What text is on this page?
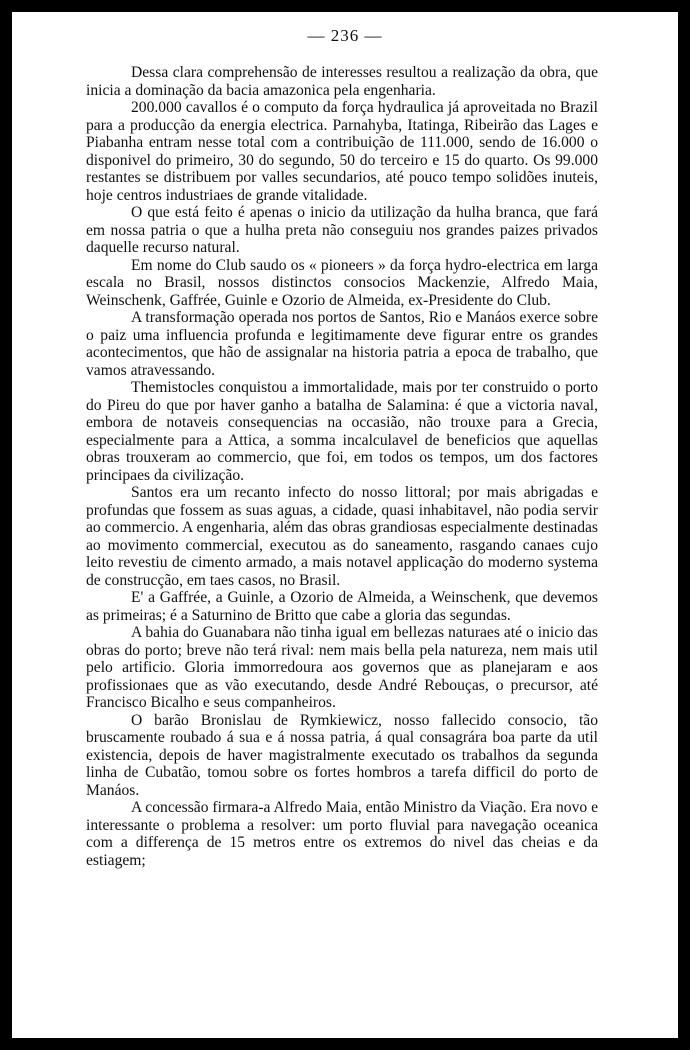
— 236 —

Dessa clara comprehensão de interesses resultou a realização da obra, que inicia a dominação da bacia amazonica pela engenharia.

200.000 cavallos é o computo da força hydraulica já aproveitada no Brazil para a producção da energia electrica. Parnahyba, Itatinga, Ribeirão das Lages e Piabanha entram nesse total com a contribuição de 111.000, sendo de 16.000 o disponivel do primeiro, 30 do segundo, 50 do terceiro e 15 do quarto. Os 99.000 restantes se distribuem por valles secundarios, até pouco tempo solidões inuteis, hoje centros industriaes de grande vitalidade.

O que está feito é apenas o inicio da utilização da hulha branca, que fará em nossa patria o que a hulha preta não conseguiu nos grandes paizes privados daquelle recurso natural.

Em nome do Club saudo os « pioneers » da força hydro-electrica em larga escala no Brasil, nossos distinctos consocios Mackenzie, Alfredo Maia, Weinschenk, Gaffrée, Guinle e Ozorio de Almeida, ex-Presidente do Club.

A transformação operada nos portos de Santos, Rio e Manáos exerce sobre o paiz uma influencia profunda e legitimamente deve figurar entre os grandes acontecimentos, que hão de assignalar na historia patria a epoca de trabalho, que vamos atravessando.

Themistocles conquistou a immortalidade, mais por ter construido o porto do Pireu do que por haver ganho a batalha de Salamina: é que a victoria naval, embora de notaveis consequencias na occasião, não trouxe para a Grecia, especialmente para a Attica, a somma incalculavel de beneficios que aquellas obras trouxeram ao commercio, que foi, em todos os tempos, um dos factores principaes da civilização.

Santos era um recanto infecto do nosso littoral; por mais abrigadas e profundas que fossem as suas aguas, a cidade, quasi inhabitavel, não podia servir ao commercio. A engenharia, além das obras grandiosas especialmente destinadas ao movimento commercial, executou as do saneamento, rasgando canaes cujo leito revestiu de cimento armado, a mais notavel applicação do moderno systema de construcção, em taes casos, no Brasil.

E' a Gaffrée, a Guinle, a Ozorio de Almeida, a Weinschenk, que devemos as primeiras; é a Saturnino de Britto que cabe a gloria das segundas.

A bahia do Guanabara não tinha igual em bellezas naturaes até o inicio das obras do porto; breve não terá rival: nem mais bella pela natureza, nem mais util pelo artificio. Gloria immorredoura aos governos que as planejaram e aos profissionaes que as vão executando, desde André Rebouças, o precursor, até Francisco Bicalho e seus companheiros.

O barão Bronislau de Rymkiewicz, nosso fallecido consocio, tão bruscamente roubado á sua e á nossa patria, á qual consagrára boa parte da util existencia, depois de haver magistralmente executado os trabalhos da segunda linha de Cubatão, tomou sobre os fortes hombros a tarefa difficil do porto de Manáos.

A concessão firmara-a Alfredo Maia, então Ministro da Viação. Era novo e interessante o problema a resolver: um porto fluvial para navegação oceanica com a differença de 15 metros entre os extremos do nivel das cheias e da estiagem;
